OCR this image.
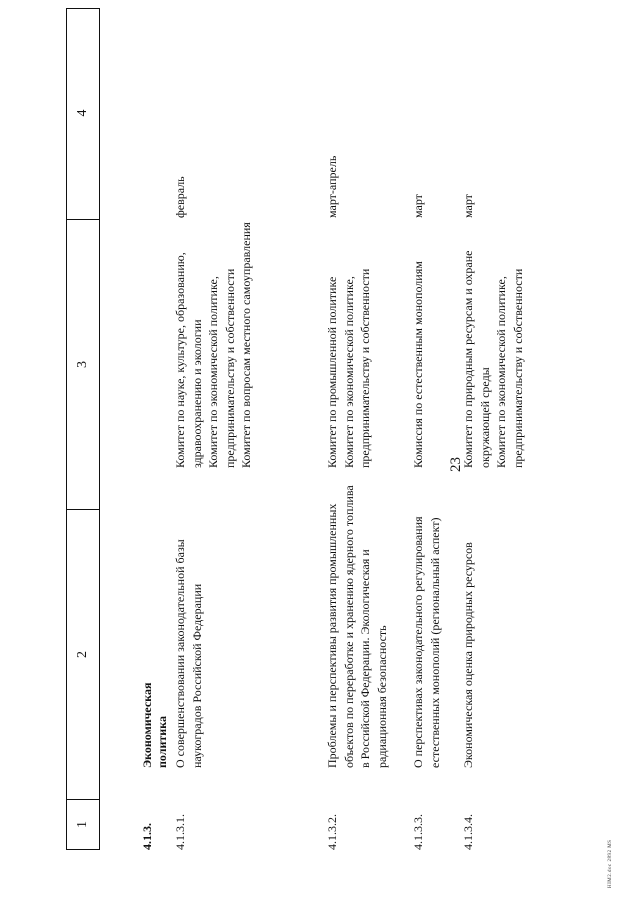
23
1
2
3
4
4.1.3.
Экономическая политика
4.1.3.1.
О совершенствовании законодательной базы наукоградов Российской Федерации
Комитет по науке, культуре, образованию, здравоохранению и экологии
Комитет по экономической политике, предпринимательству и собственности
Комитет по вопросам местного самоуправления
февраль
4.1.3.2.
Проблемы и перспективы развития промышленных объектов по переработке и хранению ядерного топлива в Российской Федерации. Экологическая и радиационная безопасность
Комитет по промышленной политике
Комитет по экономической политике, предпринимательству и собственности
март-апрель
4.1.3.3.
О перспективах законодательного регулирования естественных монополий (региональный аспект)
Комиссия по естественным монополиям
март
4.1.3.4.
Экономическая оценка природных ресурсов
Комитет по природным ресурсам и охране окружающей среды
Комитет по экономической политике, предпринимательству и собственности
март
HIM2.doc 2892 MS
